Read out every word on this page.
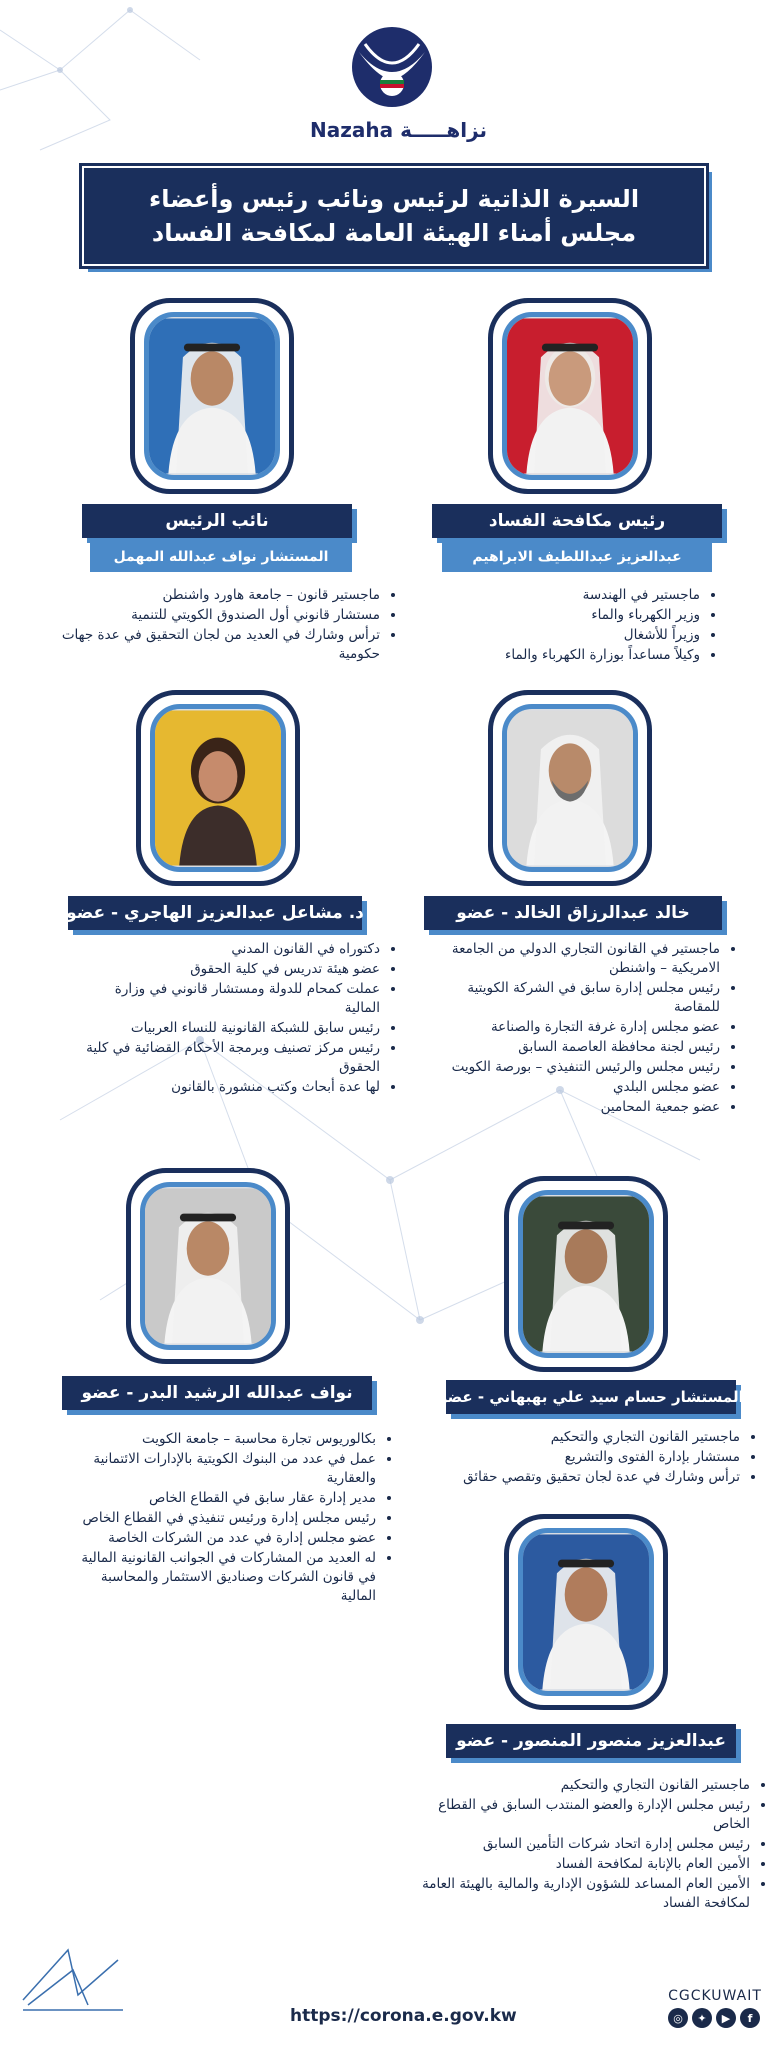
Nazaha نزاهـــــة
السيرة الذاتية لرئيس ونائب رئيس وأعضاء
مجلس أمناء الهيئة العامة لمكافحة الفساد
رئيس مكافحة الفساد
عبدالعزيز عبداللطيف الابراهيم
• ماجستير في الهندسة
• وزير الكهرباء والماء
• وزيراً للأشغال
• وكيلاً مساعداً بوزارة الكهرباء والماء
نائب الرئيس
المستشار نواف عبدالله المهمل
• ماجستير قانون – جامعة هاورد واشنطن
• مستشار قانوني أول الصندوق الكويتي للتنمية
• ترأس وشارك في العديد من لجان التحقيق في عدة جهات حكومية
خالد عبدالرزاق الخالد - عضو
• ماجستير في القانون التجاري الدولي من الجامعة الامريكية – واشنطن
• رئيس مجلس إدارة سابق في الشركة الكويتية للمقاصة
• عضو مجلس إدارة غرفة التجارة والصناعة
• رئيس لجنة محافظة العاصمة السابق
• رئيس مجلس والرئيس التنفيذي – بورصة الكويت
• عضو مجلس البلدي
• عضو جمعية المحامين
د. مشاعل عبدالعزيز الهاجري - عضو
• دكتوراه في القانون المدني
• عضو هيئة تدريس في كلية الحقوق
• عملت كمحام للدولة ومستشار قانوني في وزارة المالية
• رئيس سابق للشبكة القانونية للنساء العربيات
• رئيس مركز تصنيف وبرمجة الأحكام القضائية في كلية الحقوق
• لها عدة أبحاث وكتب منشورة بالقانون
المستشار حسام سيد علي بهبهاني - عضو
• ماجستير القانون التجاري والتحكيم
• مستشار بإدارة الفتوى والتشريع
• ترأس وشارك في عدة لجان تحقيق وتقصي حقائق
نواف عبدالله الرشيد البدر - عضو
• بكالوريوس تجارة محاسبة – جامعة الكويت
• عمل في عدد من البنوك الكويتية بالإدارات الائتمانية والعقارية
• مدير إدارة عقار سابق في القطاع الخاص
• رئيس مجلس إدارة ورئيس تنفيذي في القطاع الخاص
• عضو مجلس إدارة في عدد من الشركات الخاصة
• له العديد من المشاركات في الجوانب القانونية المالية في قانون الشركات وصناديق الاستثمار والمحاسبة المالية
عبدالعزيز منصور المنصور - عضو
• ماجستير القانون التجاري والتحكيم
• رئيس مجلس الإدارة والعضو المنتدب السابق في القطاع الخاص
• رئيس مجلس إدارة اتحاد شركات التأمين السابق
• الأمين العام بالإنابة لمكافحة الفساد
• الأمين العام المساعد للشؤون الإدارية والمالية بالهيئة العامة لمكافحة الفساد
https://corona.e.gov.kw
CGCKUWAIT
◎	✦	▶	f
